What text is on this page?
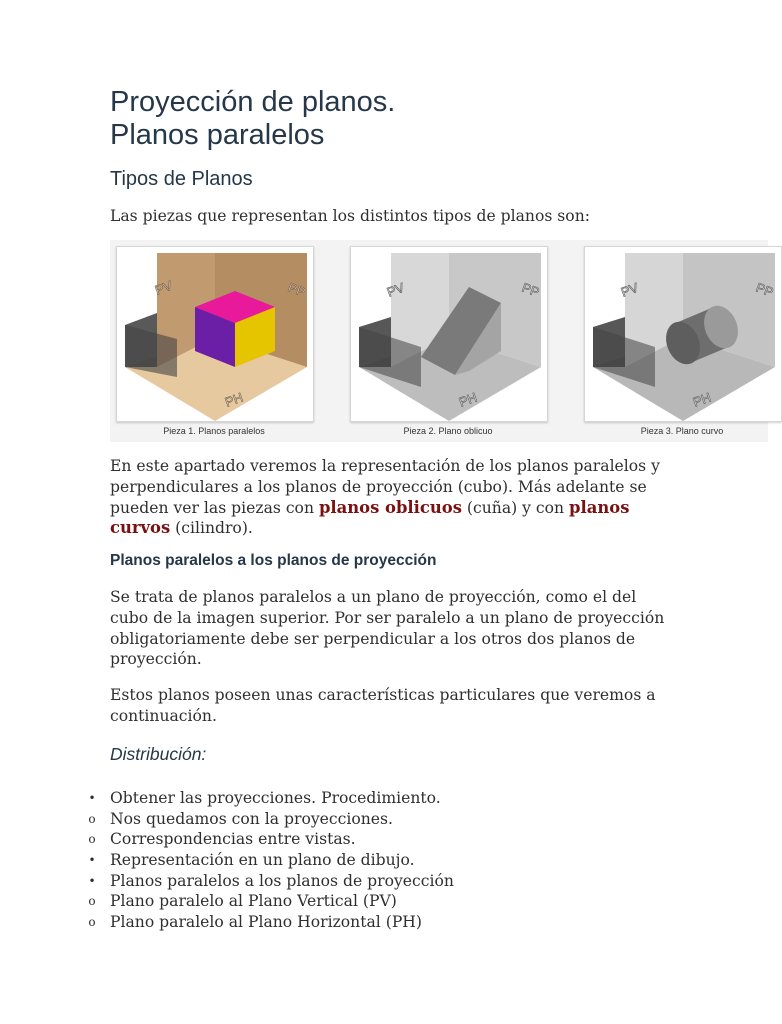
Proyección de planos.
Planos paralelos
Tipos de Planos
Las piezas que representan los distintos tipos de planos son:
PV	PP
PH
Pieza 1. Planos paralelos
PV	PP
PH
Pieza 2. Plano oblicuo
PV	PP
PH
Pieza 3. Plano curvo
En este apartado veremos la representación de los planos paralelos y perpendiculares a los planos de proyección (cubo). Más adelante se pueden ver las piezas con planos oblicuos (cuña) y con planos curvos (cilindro).
Planos paralelos a los planos de proyección
Se trata de planos paralelos a un plano de proyección, como el del cubo de la imagen superior. Por ser paralelo a un plano de proyección obligatoriamente debe ser perpendicular a los otros dos planos de proyección.
Estos planos poseen unas características particulares que veremos a continuación.
Distribución:
• Obtener las proyecciones. Procedimiento.
o Nos quedamos con la proyecciones.
o Correspondencias entre vistas.
• Representación en un plano de dibujo.
• Planos paralelos a los planos de proyección
o Plano paralelo al Plano Vertical (PV)
o Plano paralelo al Plano Horizontal (PH)
